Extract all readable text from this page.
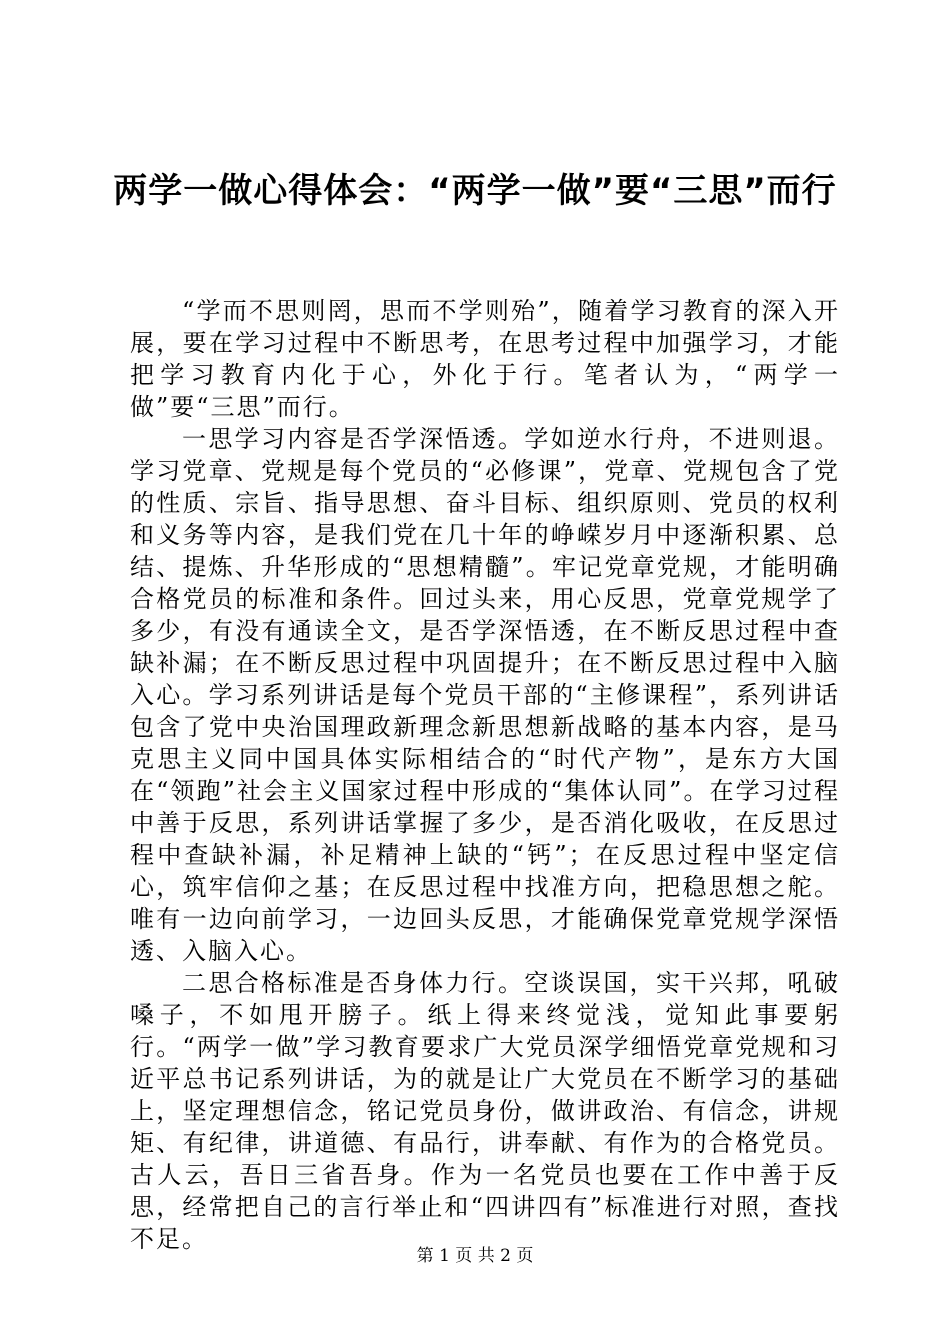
两学一做心得体会：“两学一做”要“三思”而行

“学而不思则罔，思而不学则殆”，随着学习教育的深入开展，要在学习过程中不断思考，在思考过程中加强学习，才能把学习教育内化于心，外化于行。笔者认为，“两学一做”要“三思”而行。

一思学习内容是否学深悟透。学如逆水行舟，不进则退。学习党章、党规是每个党员的“必修课”，党章、党规包含了党的性质、宗旨、指导思想、奋斗目标、组织原则、党员的权利和义务等内容，是我们党在几十年的峥嵘岁月中逐渐积累、总结、提炼、升华形成的“思想精髓”。牢记党章党规，才能明确合格党员的标准和条件。回过头来，用心反思，党章党规学了多少，有没有通读全文，是否学深悟透，在不断反思过程中查缺补漏；在不断反思过程中巩固提升；在不断反思过程中入脑入心。学习系列讲话是每个党员干部的“主修课程”，系列讲话包含了党中央治国理政新理念新思想新战略的基本内容，是马克思主义同中国具体实际相结合的“时代产物”，是东方大国在“领跑”社会主义国家过程中形成的“集体认同”。在学习过程中善于反思，系列讲话掌握了多少，是否消化吸收，在反思过程中查缺补漏，补足精神上缺的“钙”；在反思过程中坚定信心，筑牢信仰之基；在反思过程中找准方向，把稳思想之舵。唯有一边向前学习，一边回头反思，才能确保党章党规学深悟透、入脑入心。

二思合格标准是否身体力行。空谈误国，实干兴邦，吼破嗓子，不如甩开膀子。纸上得来终觉浅，觉知此事要躬行。“两学一做”学习教育要求广大党员深学细悟党章党规和习近平总书记系列讲话，为的就是让广大党员在不断学习的基础上，坚定理想信念，铭记党员身份，做讲政治、有信念，讲规矩、有纪律，讲道德、有品行，讲奉献、有作为的合格党员。古人云，吾日三省吾身。作为一名党员也要在工作中善于反思，经常把自己的言行举止和“四讲四有”标准进行对照，查找不足。

第 1 页 共 2 页
